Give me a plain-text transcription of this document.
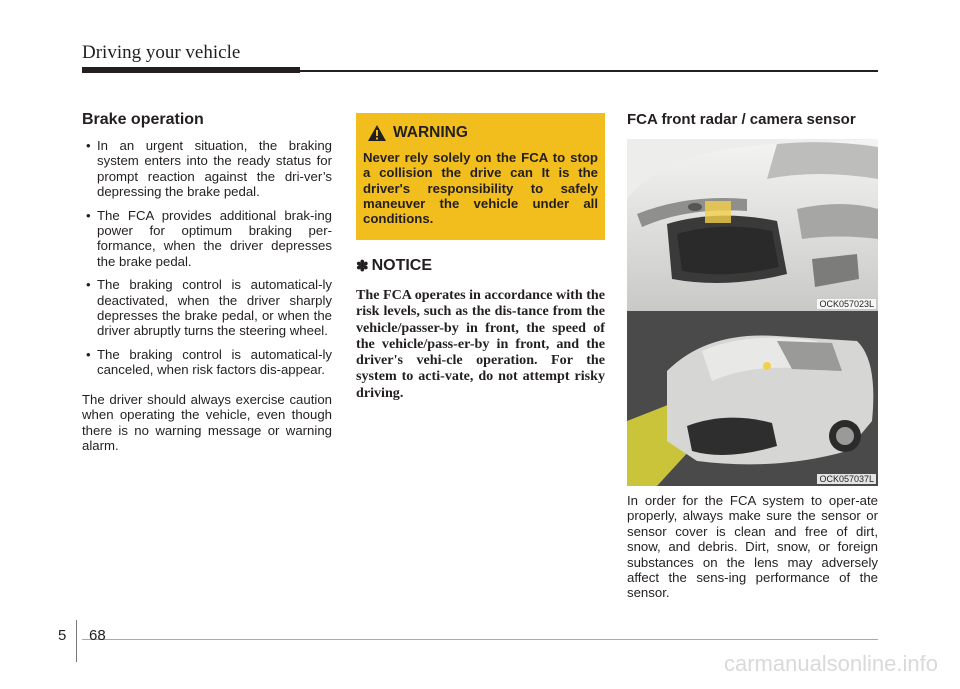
Driving your vehicle
Brake operation
• In an urgent situation, the braking system enters into the ready status for prompt reaction against the dri-ver’s depressing the brake pedal.
• The FCA provides additional brak-ing power for optimum braking per-formance, when the driver depresses the brake pedal.
• The braking control is automatical-ly deactivated, when the driver sharply depresses the brake pedal, or when the driver abruptly turns the steering wheel.
• The braking control is automatical-ly canceled, when risk factors dis-appear.

The driver should always exercise caution when operating the vehicle, even though there is no warning message or warning alarm.

WARNING
Never rely solely on the FCA to stop a collision the drive can It is the driver's responsibility to safely maneuver the vehicle under all conditions.
✽ NOTICE
The FCA operates in accordance with the risk levels, such as the dis-tance from the vehicle/passer-by in front, the speed of the vehicle/pass-er-by in front, and the driver's vehi-cle operation. For the system to acti-vate, do not attempt risky driving.
FCA front radar / camera sensor
OCK057023L
OCK057037L
In order for the FCA system to oper-ate properly, always make sure the sensor or sensor cover is clean and free of dirt, snow, and debris. Dirt, snow, or foreign substances on the lens may adversely affect the sens-ing performance of the sensor.
5 68
carmanualsonline.info
